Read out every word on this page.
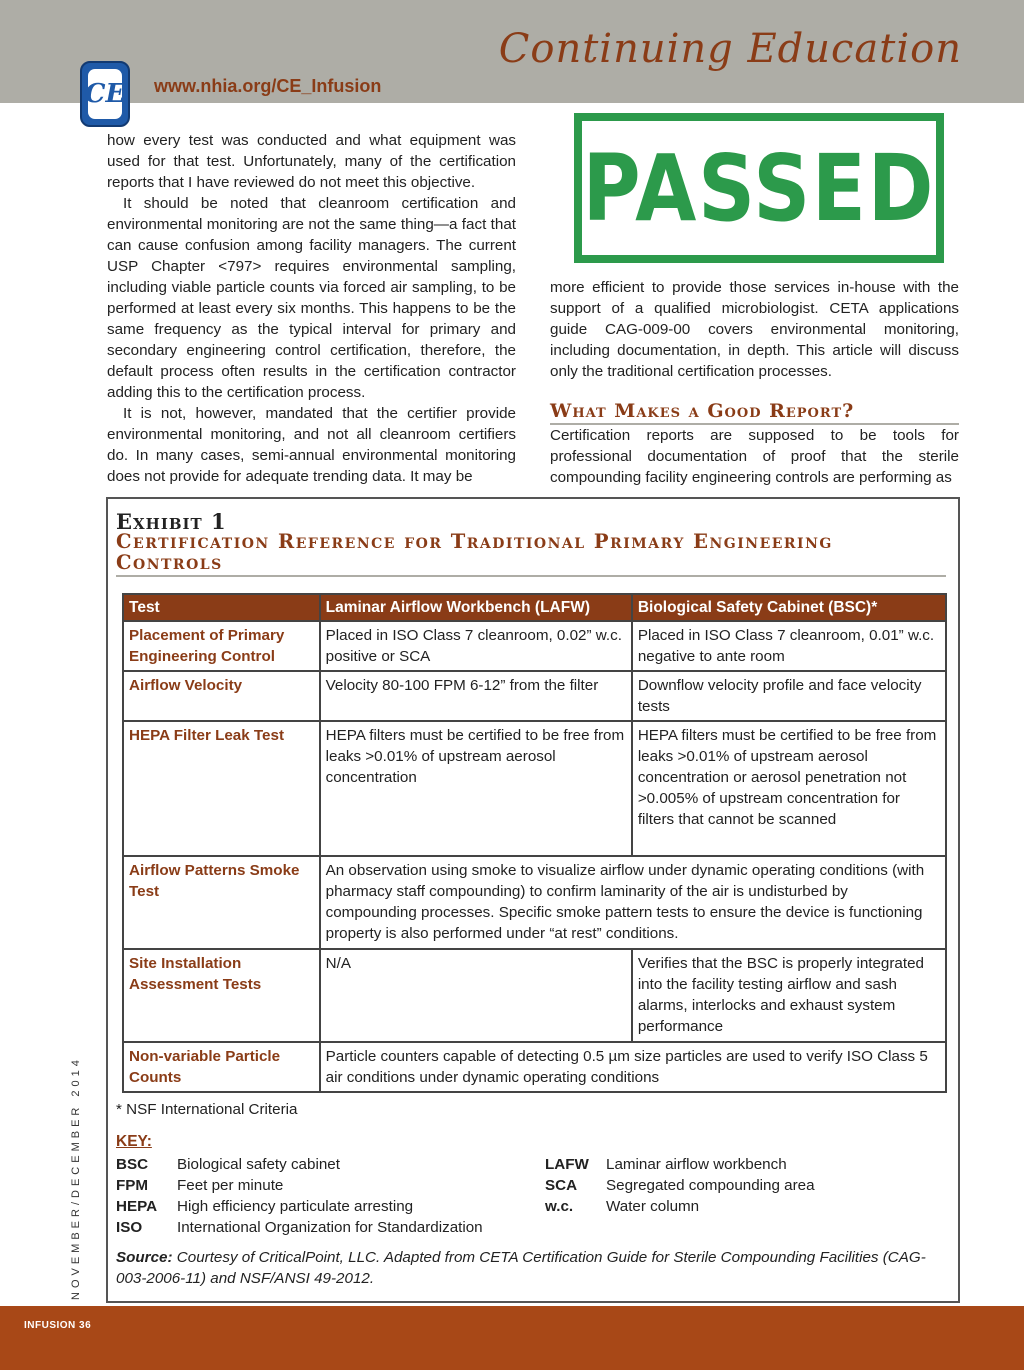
Continuing Education
CE www.nhia.org/CE_Infusion

how every test was conducted and what equipment was used for that test. Unfortunately, many of the certification reports that I have reviewed do not meet this objective.

It should be noted that cleanroom certification and environmental monitoring are not the same thing—a fact that can cause confusion among facility managers. The current USP Chapter <797> requires environmental sampling, including viable particle counts via forced air sampling, to be performed at least every six months. This happens to be the same frequency as the typical interval for primary and secondary engineering control certification, therefore, the default process often results in the certification contractor adding this to the certification process.

It is not, however, mandated that the certifier provide environmental monitoring, and not all cleanroom certifiers do. In many cases, semi-annual environmental monitoring does not provide for adequate trending data. It may be

PASSED

more efficient to provide those services in-house with the support of a qualified microbiologist. CETA applications guide CAG-009-00 covers environmental monitoring, including documentation, in depth. This article will discuss only the traditional certification processes.

What Makes a Good Report?

Certification reports are supposed to be tools for professional documentation of proof that the sterile compounding facility engineering controls are performing as

Exhibit 1
Certification Reference for Traditional Primary Engineering Controls
Test	Laminar Airflow Workbench (LAFW)	Biological Safety Cabinet (BSC)*
Placement of Primary Engineering Control	Placed in ISO Class 7 cleanroom, 0.02” w.c. positive or SCA	Placed in ISO Class 7 cleanroom, 0.01” w.c. negative to ante room
Airflow Velocity	Velocity 80-100 FPM 6-12” from the filter	Downflow velocity profile and face velocity tests
HEPA Filter Leak Test	HEPA filters must be certified to be free from leaks >0.01% of upstream aerosol concentration	HEPA filters must be certified to be free from leaks >0.01% of upstream aerosol concentration or aerosol penetration not >0.005% of upstream concentration for filters that cannot be scanned
Airflow Patterns Smoke Test	An observation using smoke to visualize airflow under dynamic operating conditions (with pharmacy staff compounding) to confirm laminarity of the air is undisturbed by compounding processes. Specific smoke pattern tests to ensure the device is functioning property is also performed under “at rest” conditions.	
Site Installation Assessment Tests	N/A	Verifies that the BSC is properly integrated into the facility testing airflow and sash alarms, interlocks and exhaust system performance
Non-variable Particle Counts	Particle counters capable of detecting 0.5 µm size particles are used to verify ISO Class 5 air conditions under dynamic operating conditions	
* NSF International Criteria
KEY:
BSC	Biological safety cabinet
FPM	Feet per minute
HEPA	High efficiency particulate arresting
ISO	International Organization for Standardization
LAFW	Laminar airflow workbench
SCA	Segregated compounding area
w.c.	Water column
Source: Courtesy of CriticalPoint, LLC. Adapted from CETA Certification Guide for Sterile Compounding Facilities (CAG-003-2006-11) and NSF/ANSI 49-2012.
NOVEMBER/DECEMBER 2014
INFUSION 36
